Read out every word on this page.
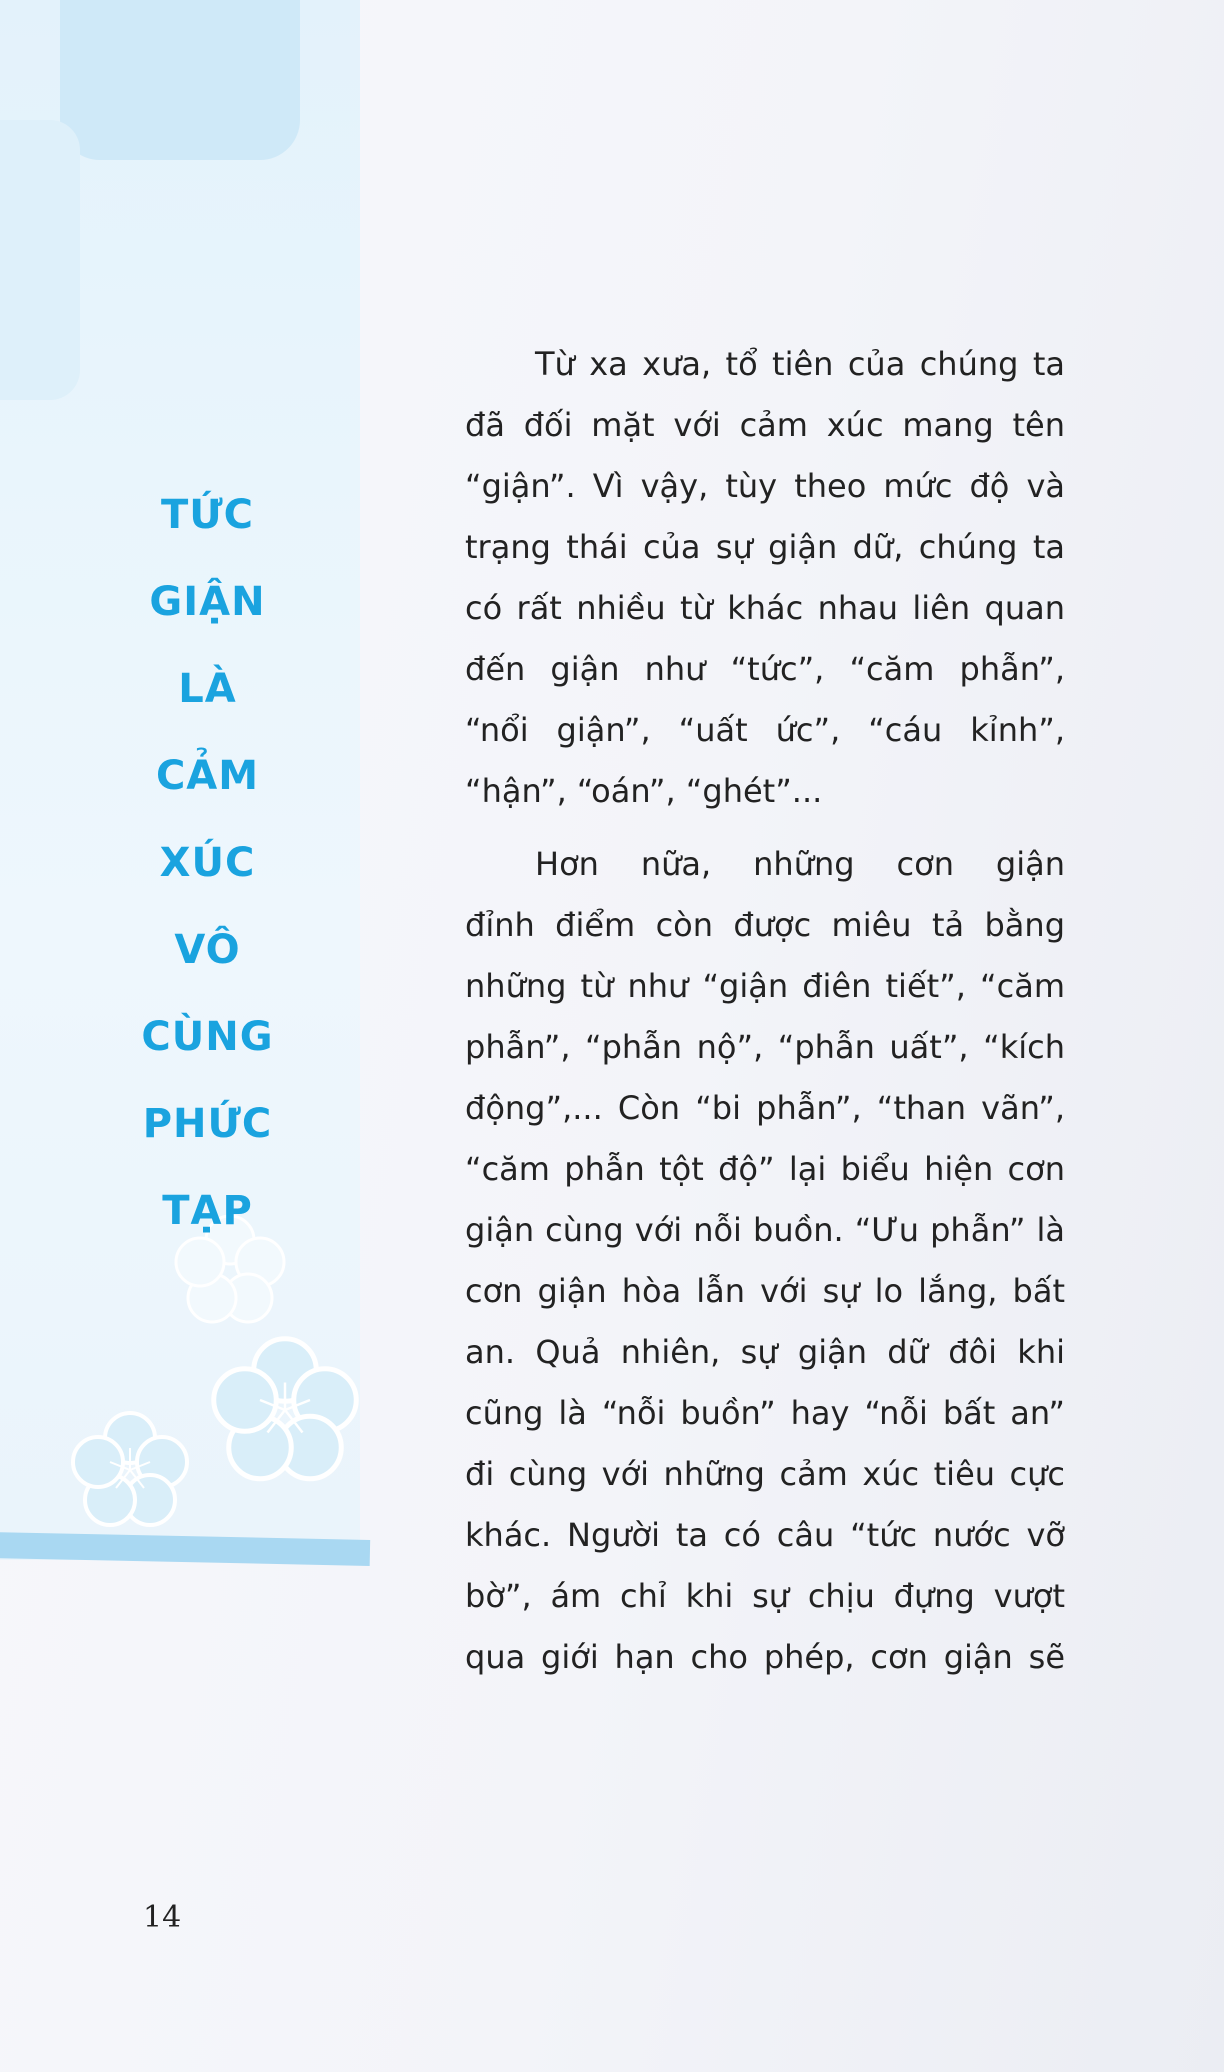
TỨC
GIẬN
LÀ
CẢM
XÚC
VÔ
CÙNG
PHỨC
TẠP
Từ xa xưa, tổ tiên của chúng ta
đã đối mặt với cảm xúc mang tên
“giận”. Vì vậy, tùy theo mức độ và
trạng thái của sự giận dữ, chúng ta
có rất nhiều từ khác nhau liên quan
đến giận như “tức”, “căm phẫn”,
“nổi giận”, “uất ức”, “cáu kỉnh”,
“hận”, “oán”, “ghét”...
Hơn nữa, những cơn giận
đỉnh điểm còn được miêu tả bằng
những từ như “giận điên tiết”, “căm
phẫn”, “phẫn nộ”, “phẫn uất”, “kích
động”,... Còn “bi phẫn”, “than vãn”,
“căm phẫn tột độ” lại biểu hiện cơn
giận cùng với nỗi buồn. “Ưu phẫn” là
cơn giận hòa lẫn với sự lo lắng, bất
an. Quả nhiên, sự giận dữ đôi khi
cũng là “nỗi buồn” hay “nỗi bất an”
đi cùng với những cảm xúc tiêu cực
khác. Người ta có câu “tức nước vỡ
bờ”, ám chỉ khi sự chịu đựng vượt
qua giới hạn cho phép, cơn giận sẽ
14
